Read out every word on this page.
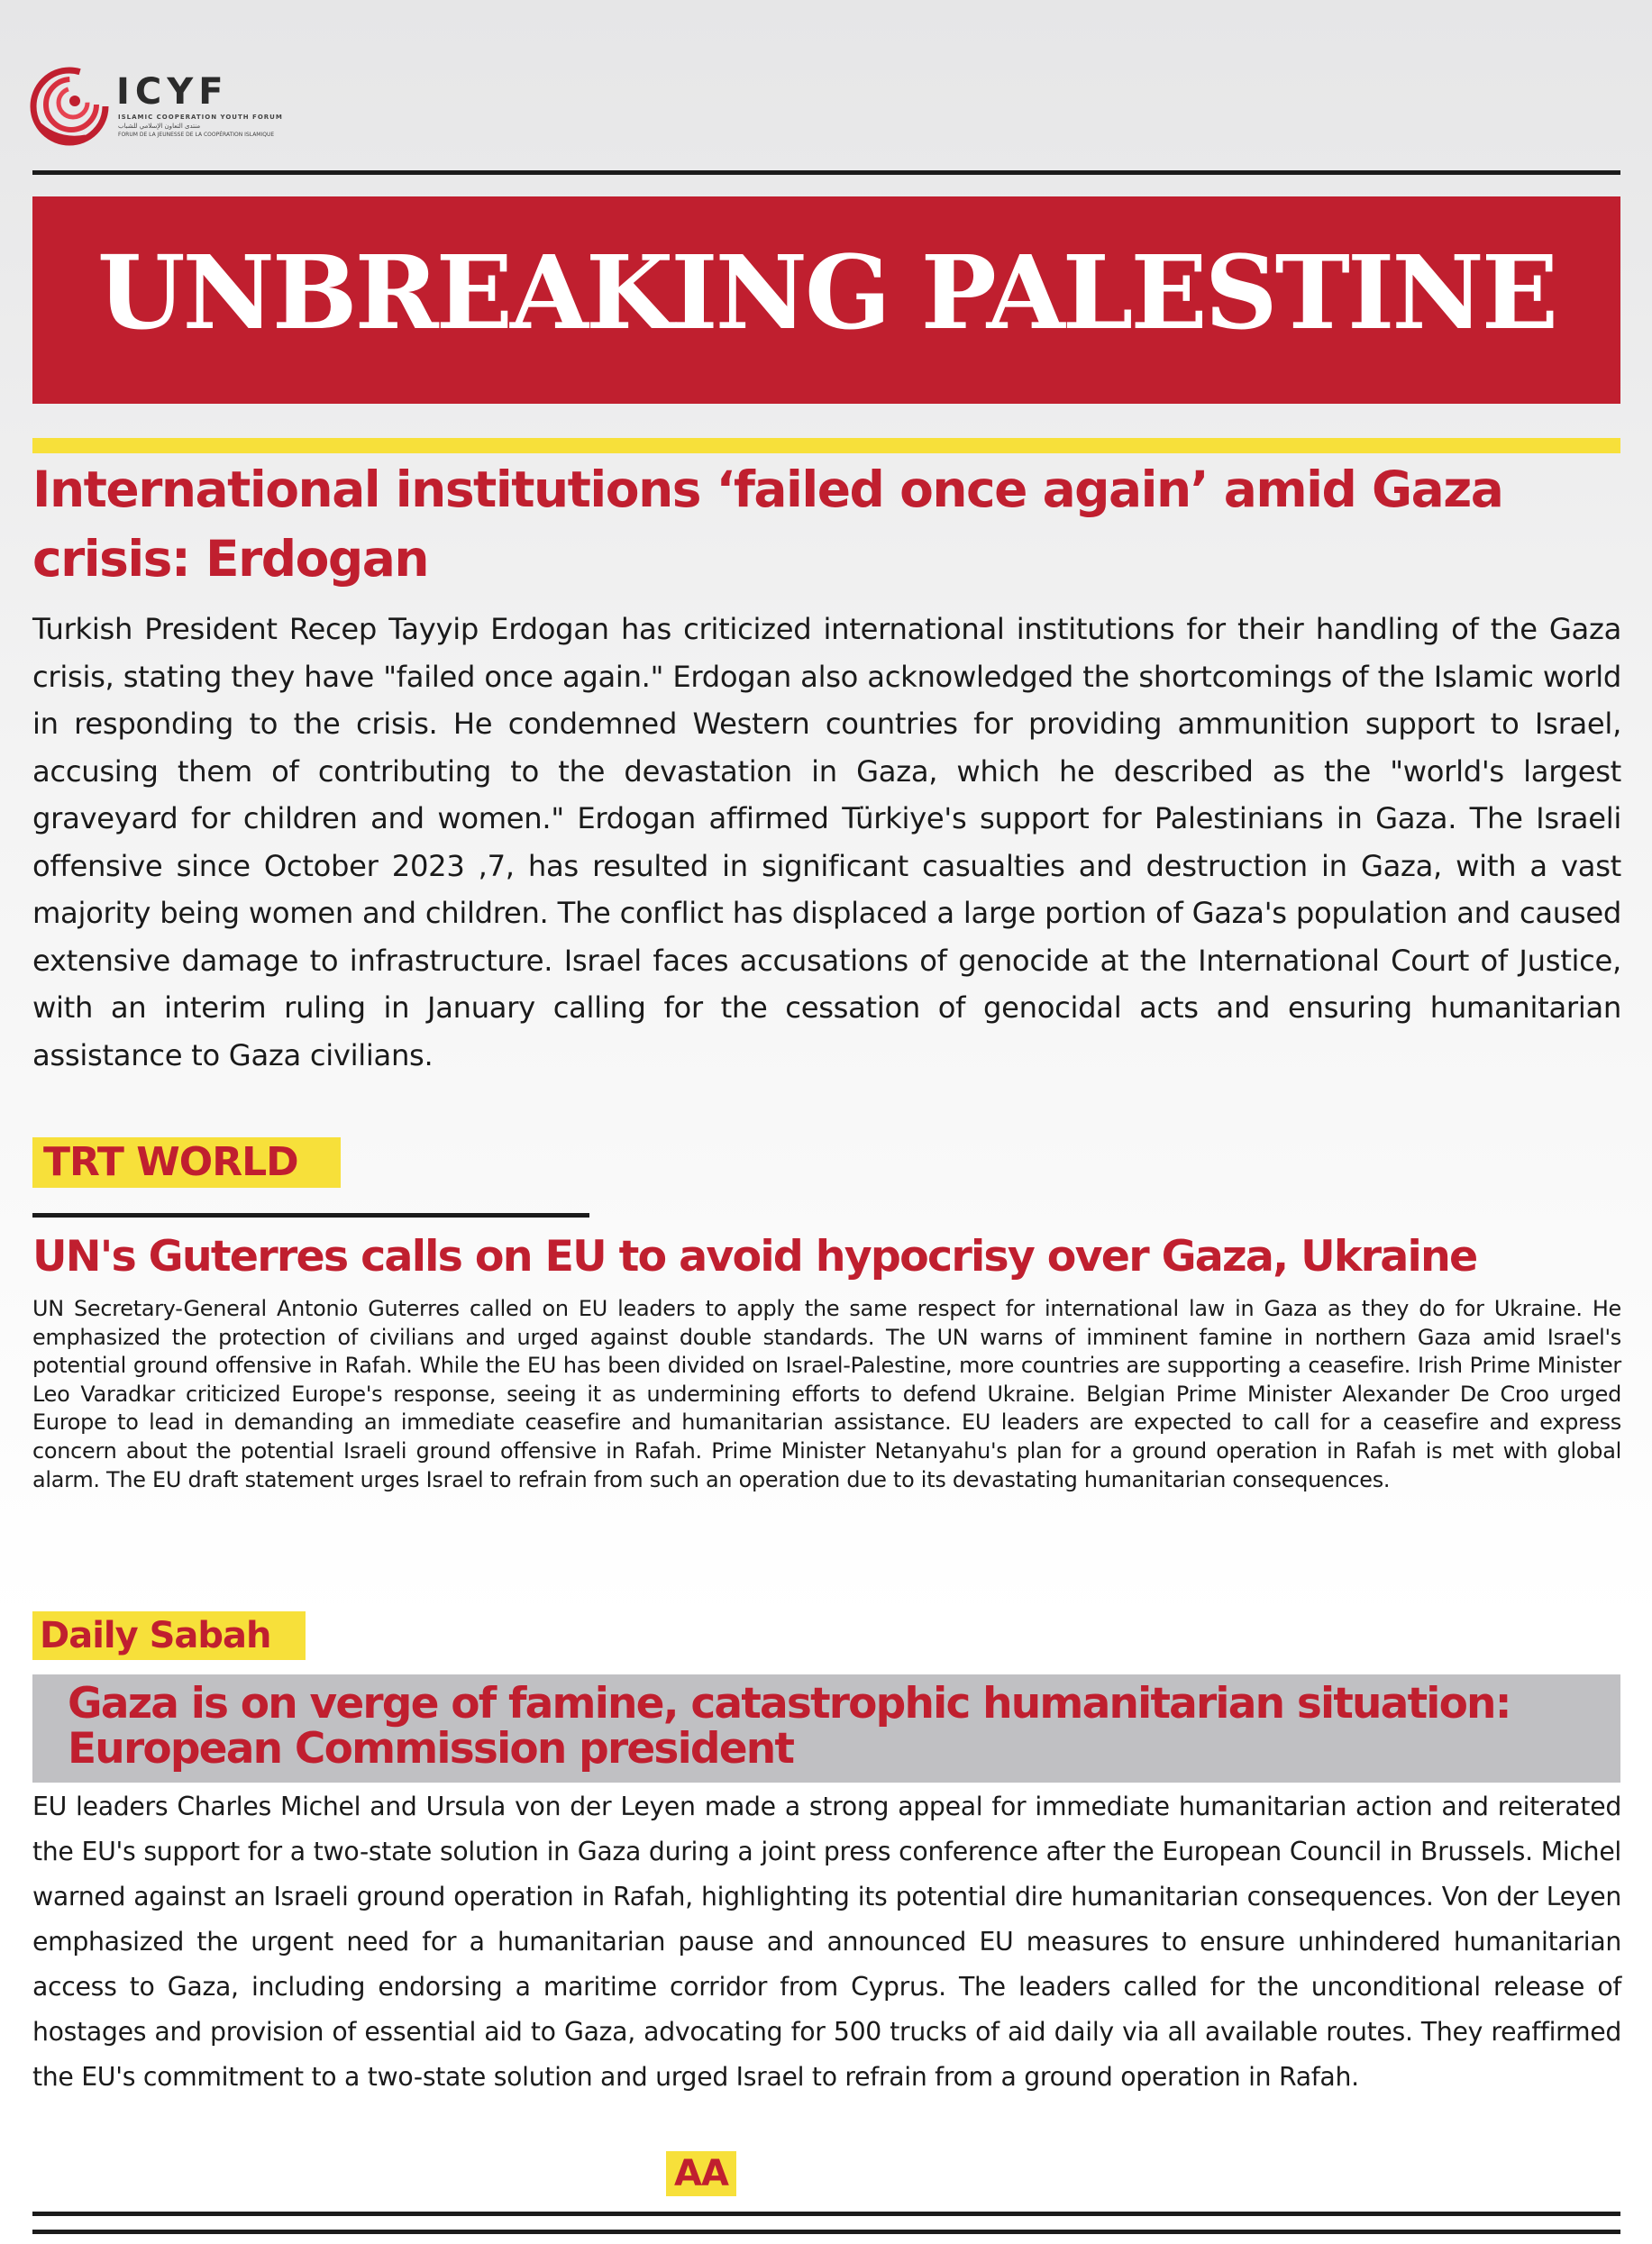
ICYF
ISLAMIC COOPERATION YOUTH FORUM
منتدى التعاون الإسلامي للشباب
FORUM DE LA JEUNESSE DE LA COOPÉRATION ISLAMIQUE
UNBREAKING PALESTINE
International institutions ‘failed once again’ amid Gaza crisis: Erdogan
Turkish President Recep Tayyip Erdogan has criticized international institutions for their handling of the Gaza crisis, stating they have "failed once again." Erdogan also acknowledged the shortcomings of the Islamic world in responding to the crisis. He condemned Western countries for providing ammunition support to Israel, accusing them of contributing to the devastation in Gaza, which he described as the "world's largest graveyard for children and women." Erdogan affirmed Türkiye's support for Palestinians in Gaza. The Israeli offensive since October 2023 ,7, has resulted in significant casualties and destruction in Gaza, with a vast majority being women and children. The conflict has displaced a large portion of Gaza's population and caused extensive damage to infrastructure. Israel faces accusations of genocide at the International Court of Justice, with an interim ruling in January calling for the cessation of genocidal acts and ensuring humanitarian assistance to Gaza civilians.
TRT WORLD
UN's Guterres calls on EU to avoid hypocrisy over Gaza, Ukraine
UN Secretary-General Antonio Guterres called on EU leaders to apply the same respect for international law in Gaza as they do for Ukraine. He emphasized the protection of civilians and urged against double standards. The UN warns of imminent famine in northern Gaza amid Israel's potential ground offensive in Rafah. While the EU has been divided on Israel-Palestine, more countries are supporting a ceasefire. Irish Prime Minister Leo Varadkar criticized Europe's response, seeing it as undermining efforts to defend Ukraine. Belgian Prime Minister Alexander De Croo urged Europe to lead in demanding an immediate ceasefire and humanitarian assistance. EU leaders are expected to call for a ceasefire and express concern about the potential Israeli ground offensive in Rafah. Prime Minister Netanyahu's plan for a ground operation in Rafah is met with global alarm. The EU draft statement urges Israel to refrain from such an operation due to its devastating humanitarian consequences.
Daily Sabah
Gaza is on verge of famine, catastrophic humanitarian situation: European Commission president
EU leaders Charles Michel and Ursula von der Leyen made a strong appeal for immediate humanitarian action and reiterated the EU's support for a two-state solution in Gaza during a joint press conference after the European Council in Brussels. Michel warned against an Israeli ground operation in Rafah, highlighting its potential dire humanitarian consequences. Von der Leyen emphasized the urgent need for a humanitarian pause and announced EU measures to ensure unhindered humanitarian access to Gaza, including endorsing a maritime corridor from Cyprus. The leaders called for the unconditional release of hostages and provision of essential aid to Gaza, advocating for 500 trucks of aid daily via all available routes. They reaffirmed the EU's commitment to a two-state solution and urged Israel to refrain from a ground operation in Rafah.
AA
